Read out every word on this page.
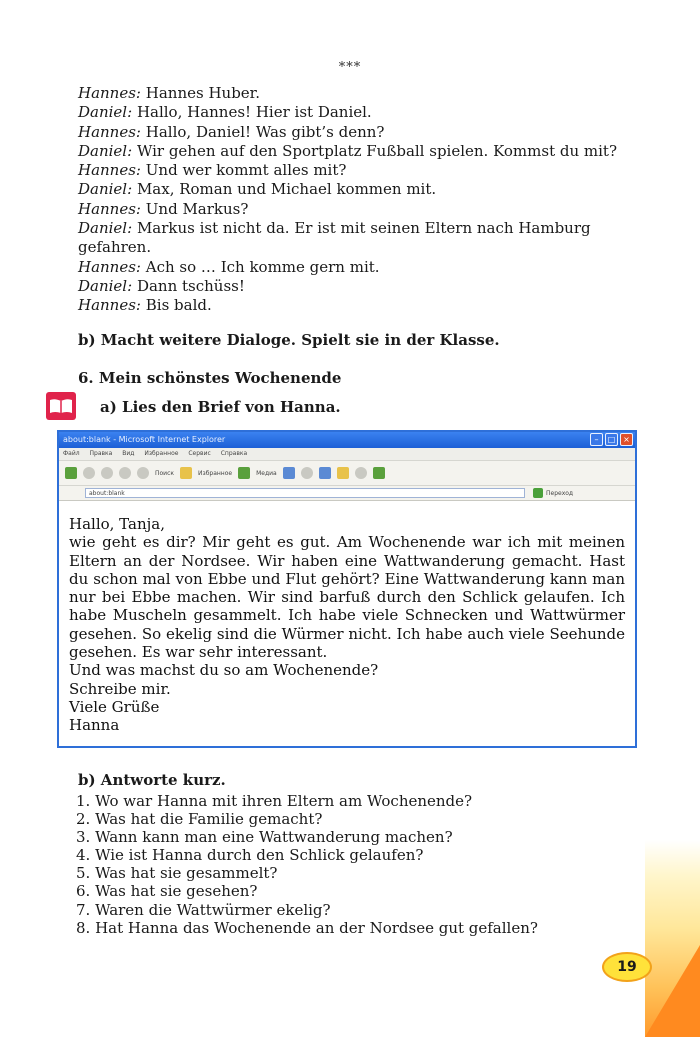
***
Hannes: Hannes Huber.
Daniel: Hallo, Hannes! Hier ist Daniel.
Hannes: Hallo, Daniel! Was gibt’s denn?
Daniel: Wir gehen auf den Sportplatz Fußball spielen. Kommst du mit?
Hannes: Und wer kommt alles mit?
Daniel: Max, Roman und Michael kommen mit.
Hannes: Und Markus?
Daniel: Markus ist nicht da. Er ist mit seinen Eltern nach Hamburg gefahren.
Hannes: Ach so … Ich komme gern mit.
Daniel: Dann tschüss!
Hannes: Bis bald.
b) Macht weitere Dialoge. Spielt sie in der Klasse.
6. Mein schönstes Wochenende
a) Lies den Brief von Hanna.
about:blank - Microsoft Internet Explorer	–	□ ×
Файл Правка Вид Избранное Сервис Справка
Поиск	Избранное	Медиа
about:blank	Переход

Hallo, Tanja,

wie geht es dir? Mir geht es gut. Am Wochenende war ich mit meinen Eltern an der Nordsee. Wir haben eine Wattwanderung gemacht. Hast du schon mal von Ebbe und Flut gehört? Eine Wattwanderung kann man nur bei Ebbe machen. Wir sind barfuß durch den Schlick gelaufen. Ich habe Muscheln gesammelt. Ich habe viele Schnecken und Wattwürmer gesehen. So ekelig sind die Würmer nicht. Ich habe auch viele Seehunde gesehen. Es war sehr interessant.

Und was machst du so am Wochenende?

Schreibe mir.

Viele Grüße

Hanna

b) Antworte kurz.
1. Wo war Hanna mit ihren Eltern am Wochenende?
2. Was hat die Familie gemacht?
3. Wann kann man eine Wattwanderung machen?
4. Wie ist Hanna durch den Schlick gelaufen?
5. Was hat sie gesammelt?
6. Was hat sie gesehen?
7. Waren die Wattwürmer ekelig?
8. Hat Hanna das Wochenende an der Nordsee gut gefallen?
19
